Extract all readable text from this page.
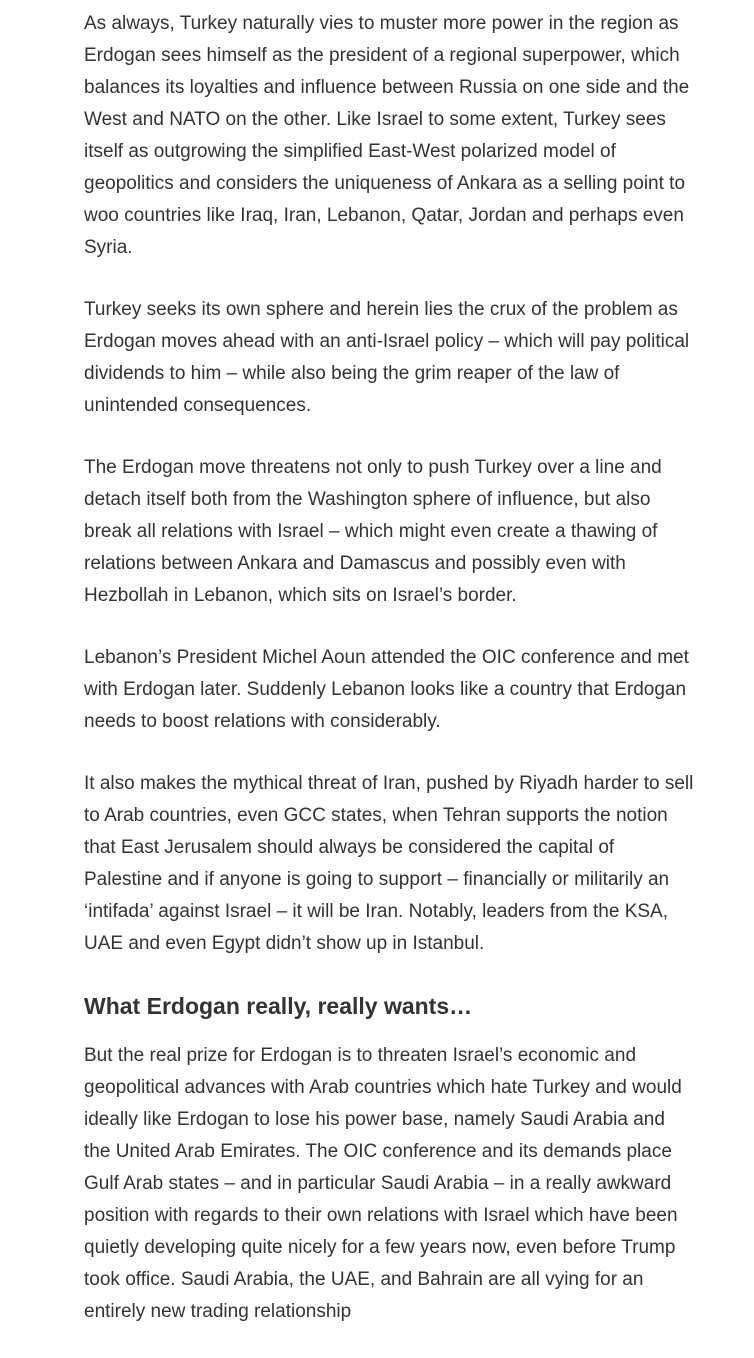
As always, Turkey naturally vies to muster more power in the region as Erdogan sees himself as the president of a regional superpower, which balances its loyalties and influence between Russia on one side and the West and NATO on the other. Like Israel to some extent, Turkey sees itself as outgrowing the simplified East-West polarized model of geopolitics and considers the uniqueness of Ankara as a selling point to woo countries like Iraq, Iran, Lebanon, Qatar, Jordan and perhaps even Syria.

Turkey seeks its own sphere and herein lies the crux of the problem as Erdogan moves ahead with an anti-Israel policy – which will pay political dividends to him – while also being the grim reaper of the law of unintended consequences.

The Erdogan move threatens not only to push Turkey over a line and detach itself both from the Washington sphere of influence, but also break all relations with Israel – which might even create a thawing of relations between Ankara and Damascus and possibly even with Hezbollah in Lebanon, which sits on Israel’s border.

Lebanon’s President Michel Aoun attended the OIC conference and met with Erdogan later. Suddenly Lebanon looks like a country that Erdogan needs to boost relations with considerably.

It also makes the mythical threat of Iran, pushed by Riyadh harder to sell to Arab countries, even GCC states, when Tehran supports the notion that East Jerusalem should always be considered the capital of Palestine and if anyone is going to support – financially or militarily an ‘intifada’ against Israel – it will be Iran. Notably, leaders from the KSA, UAE and even Egypt didn’t show up in Istanbul.

What Erdogan really, really wants…

But the real prize for Erdogan is to threaten Israel’s economic and geopolitical advances with Arab countries which hate Turkey and would ideally like Erdogan to lose his power base, namely Saudi Arabia and the United Arab Emirates. The OIC conference and its demands place Gulf Arab states – and in particular Saudi Arabia – in a really awkward position with regards to their own relations with Israel which have been quietly developing quite nicely for a few years now, even before Trump took office. Saudi Arabia, the UAE, and Bahrain are all vying for an entirely new trading relationship
